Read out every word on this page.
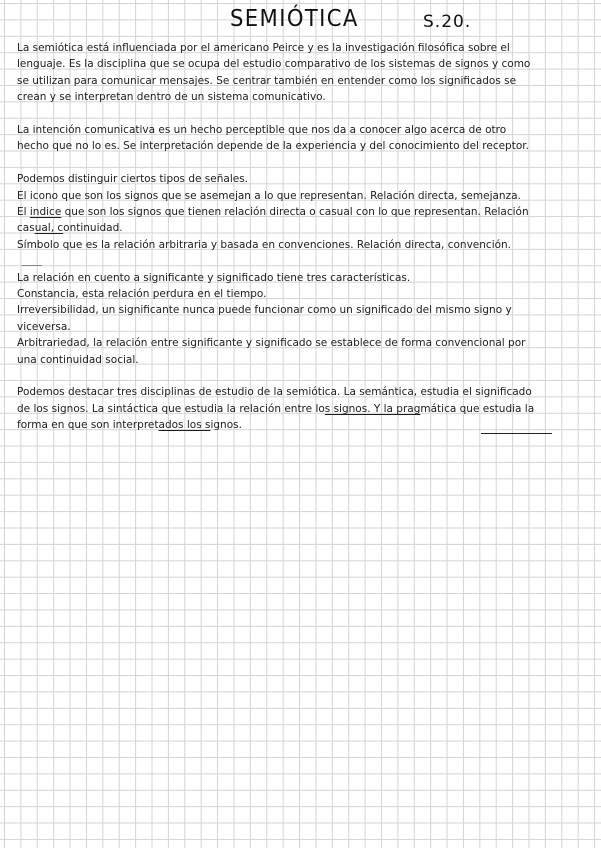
SEMIÓTICA	S.20.
La semiótica está influenciada por el americano Peirce y es la investigación filosófica sobre el
lenguaje. Es la disciplina que se ocupa del estudio comparativo de los sistemas de signos y como
se utilizan para comunicar mensajes. Se centrar también en entender como los significados se
crean y se interpretan dentro de un sistema comunicativo.
La intención comunicativa es un hecho perceptible que nos da a conocer algo acerca de otro
hecho que no lo es. Se interpretación depende de la experiencia y del conocimiento del receptor.
Podemos distinguir ciertos tipos de señales.
El icono que son los signos que se asemejan a lo que representan. Relación directa, semejanza.
El indice que son los signos que tienen relación directa o casual con lo que representan. Relación
casual, continuidad.
Símbolo que es la relación arbitraria y basada en convenciones. Relación directa, convención.
La relación en cuento a significante y significado tiene tres características.
Constancia, esta relación perdura en el tiempo.
Irreversibilidad, un significante nunca puede funcionar como un significado del mismo signo y
viceversa.
Arbitrariedad, la relación entre significante y significado se establece de forma convencional por
una continuidad social.
Podemos destacar tres disciplinas de estudio de la semiótica. La semántica, estudia el significado
de los signos. La sintáctica que estudia la relación entre los signos. Y la pragmática que estudia la
forma en que son interpretados los signos.
